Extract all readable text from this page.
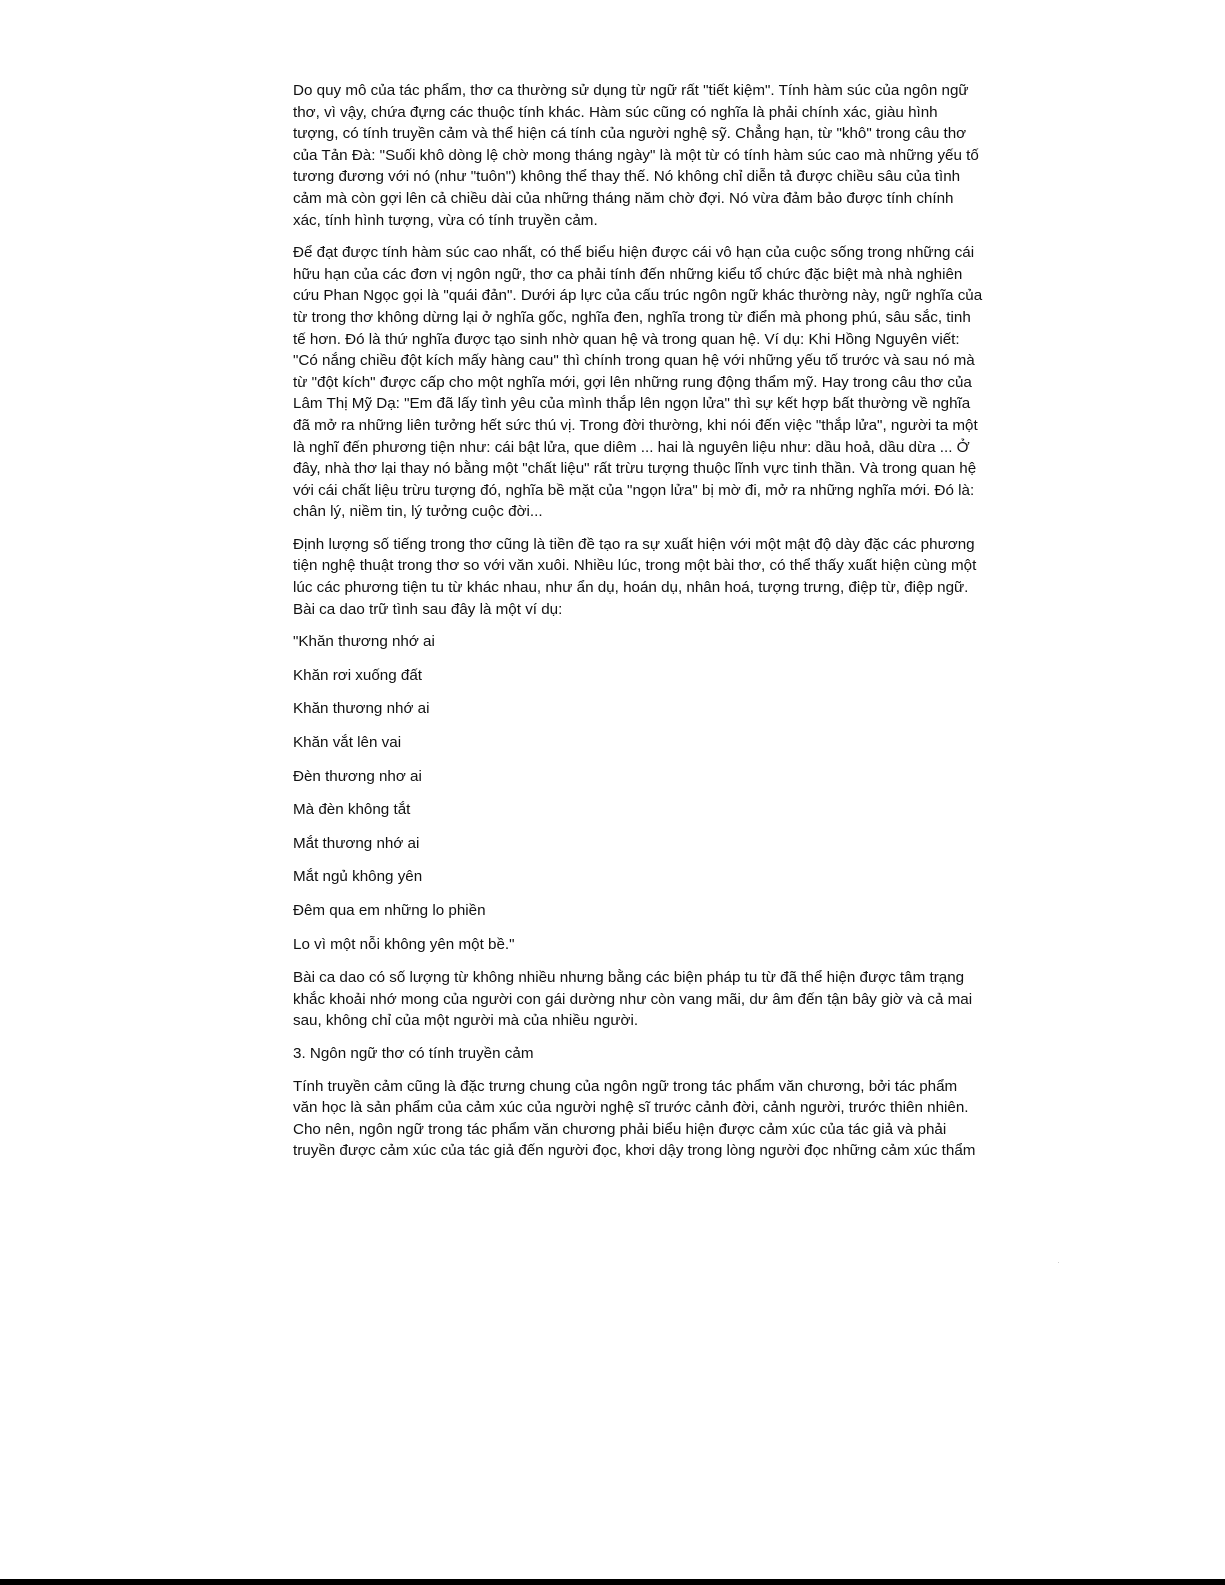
Do quy mô của tác phẩm, thơ ca thường sử dụng từ ngữ rất "tiết kiệm". Tính hàm súc của ngôn ngữ thơ, vì vậy, chứa đựng các thuộc tính khác. Hàm súc cũng có nghĩa là phải chính xác, giàu hình tượng, có tính truyền cảm và thể hiện cá tính của người nghệ sỹ. Chẳng hạn, từ "khô" trong câu thơ của Tản Đà: "Suối khô dòng lệ chờ mong tháng ngày" là một từ có tính hàm súc cao mà những yếu tố tương đương với nó (như "tuôn") không thể thay thế. Nó không chỉ diễn tả được chiều sâu của tình cảm mà còn gợi lên cả chiều dài của những tháng năm chờ đợi. Nó vừa đảm bảo được tính chính xác, tính hình tượng, vừa có tính truyền cảm.

Để đạt được tính hàm súc cao nhất, có thể biểu hiện được cái vô hạn của cuộc sống trong những cái hữu hạn của các đơn vị ngôn ngữ, thơ ca phải tính đến những kiểu tổ chức đặc biệt mà nhà nghiên cứu Phan Ngọc gọi là "quái đản". Dưới áp lực của cấu trúc ngôn ngữ khác thường này, ngữ nghĩa của từ trong thơ không dừng lại ở nghĩa gốc, nghĩa đen, nghĩa trong từ điển mà phong phú, sâu sắc, tinh tế hơn. Đó là thứ nghĩa được tạo sinh nhờ quan hệ và trong quan hệ. Ví dụ: Khi Hồng Nguyên viết: "Có nắng chiều đột kích mấy hàng cau" thì chính trong quan hệ với những yếu tố trước và sau nó mà từ "đột kích" được cấp cho một nghĩa mới, gợi lên những rung động thẩm mỹ. Hay trong câu thơ của Lâm Thị Mỹ Dạ: "Em đã lấy tình yêu của mình thắp lên ngọn lửa" thì sự kết hợp bất thường về nghĩa đã mở ra những liên tưởng hết sức thú vị. Trong đời thường, khi nói đến việc "thắp lửa", người ta một là nghĩ đến phương tiện như: cái bật lửa, que diêm ... hai là nguyên liệu như: dầu hoả, dầu dừa ... Ở đây, nhà thơ lại thay nó bằng một "chất liệu" rất trừu tượng thuộc lĩnh vực tinh thần. Và trong quan hệ với cái chất liệu trừu tượng đó, nghĩa bề mặt của "ngọn lửa" bị mờ đi, mở ra những nghĩa mới. Đó là: chân lý, niềm tin, lý tưởng cuộc đời...

Định lượng số tiếng trong thơ cũng là tiền đề tạo ra sự xuất hiện với một mật độ dày đặc các phương tiện nghệ thuật trong thơ so với văn xuôi. Nhiều lúc, trong một bài thơ, có thể thấy xuất hiện cùng một lúc các phương tiện tu từ khác nhau, như ẩn dụ, hoán dụ, nhân hoá, tượng trưng, điệp từ, điệp ngữ. Bài ca dao trữ tình sau đây là một ví dụ:

"Khăn thương nhớ ai

Khăn rơi xuống đất

Khăn thương nhớ ai

Khăn vắt lên vai

Đèn thương nhơ ai

Mà đèn không tắt

Mắt thương nhớ ai

Mắt ngủ không yên

Đêm qua em những lo phiền

Lo vì một nỗi không yên một bề."

Bài ca dao có số lượng từ không nhiều nhưng bằng các biện pháp tu từ đã thể hiện được tâm trạng khắc khoải nhớ mong của người con gái dường như còn vang mãi, dư âm đến tận bây giờ và cả mai sau, không chỉ của một người mà của nhiều người.

3. Ngôn ngữ thơ có tính truyền cảm

Tính truyền cảm cũng là đặc trưng chung của ngôn ngữ trong tác phẩm văn chương, bởi tác phẩm văn học là sản phẩm của cảm xúc của người nghệ sĩ trước cảnh đời, cảnh người, trước thiên nhiên. Cho nên, ngôn ngữ trong tác phẩm văn chương phải biểu hiện được cảm xúc của tác giả và phải truyền được cảm xúc của tác giả đến người đọc, khơi dậy trong lòng người đọc những cảm xúc thẩm
